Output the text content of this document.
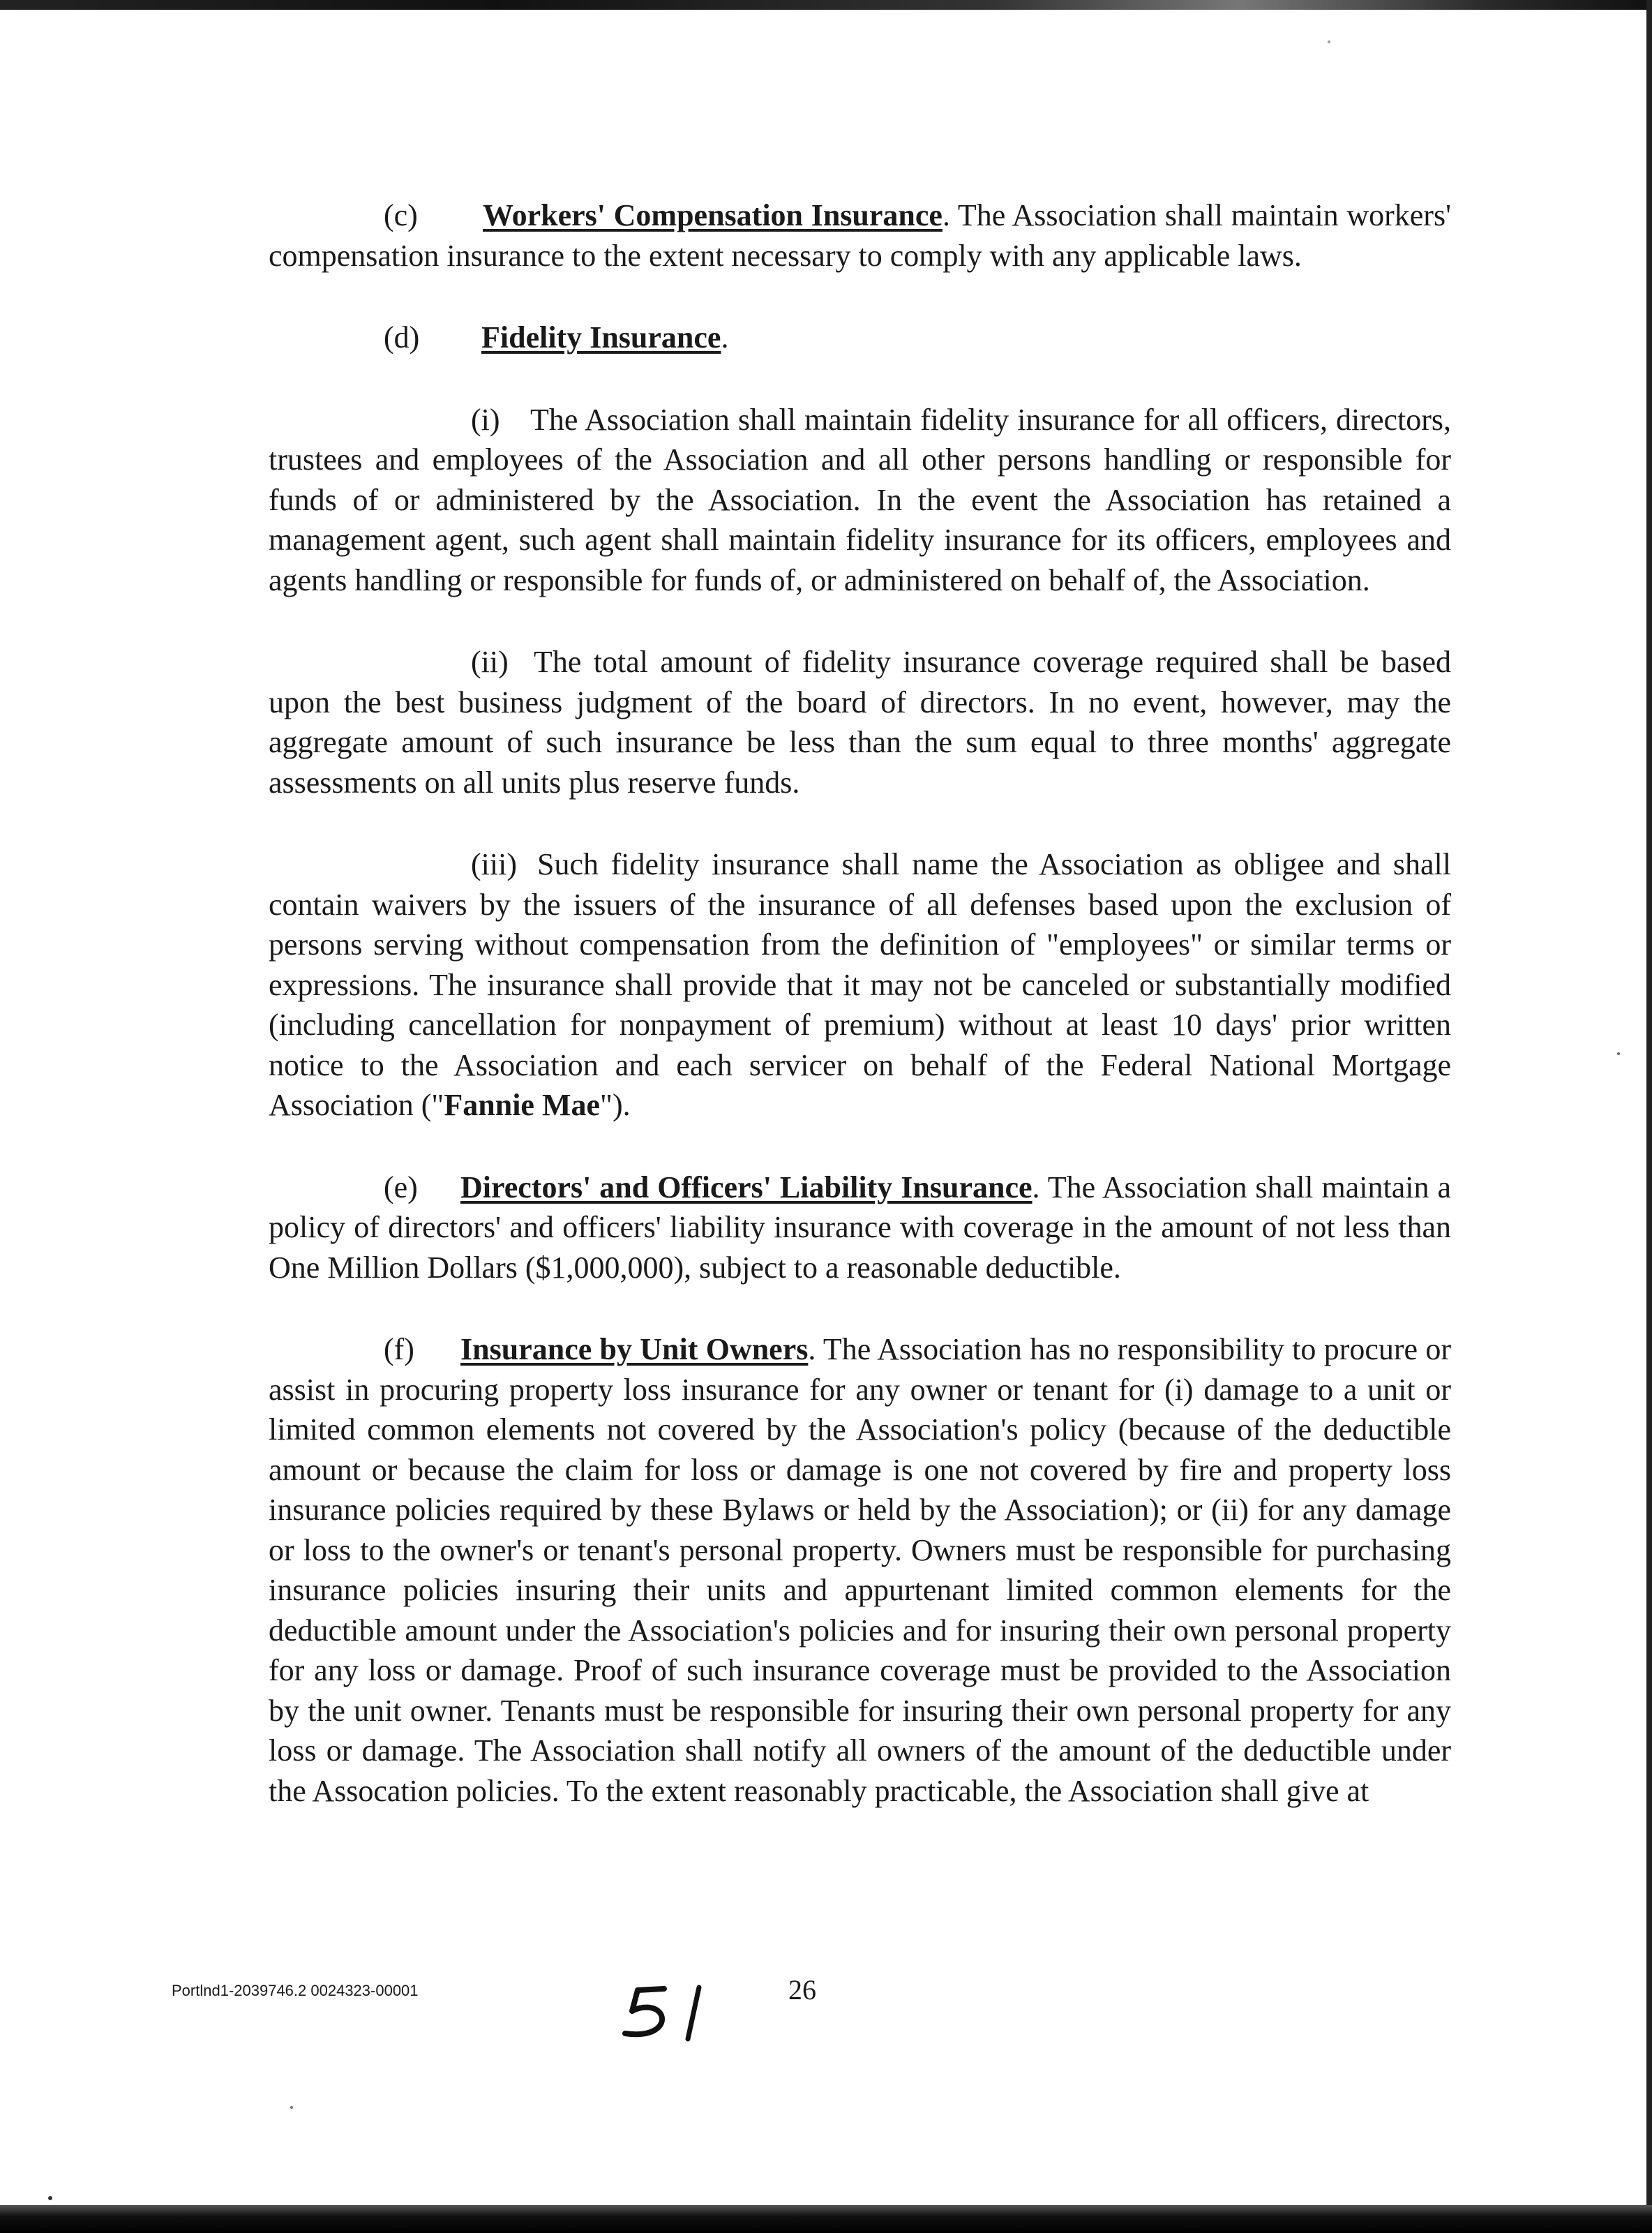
(c) Workers' Compensation Insurance. The Association shall maintain workers' compensation insurance to the extent necessary to comply with any applicable laws.

(d) Fidelity Insurance.

(i) The Association shall maintain fidelity insurance for all officers, directors, trustees and employees of the Association and all other persons handling or responsible for funds of or administered by the Association. In the event the Association has retained a management agent, such agent shall maintain fidelity insurance for its officers, employees and agents handling or responsible for funds of, or administered on behalf of, the Association.

(ii) The total amount of fidelity insurance coverage required shall be based upon the best business judgment of the board of directors. In no event, however, may the aggregate amount of such insurance be less than the sum equal to three months' aggregate assessments on all units plus reserve funds.

(iii) Such fidelity insurance shall name the Association as obligee and shall contain waivers by the issuers of the insurance of all defenses based upon the exclusion of persons serving without compensation from the definition of "employees" or similar terms or expressions. The insurance shall provide that it may not be canceled or substantially modified (including cancellation for nonpayment of premium) without at least 10 days' prior written notice to the Association and each servicer on behalf of the Federal National Mortgage Association ("Fannie Mae").

(e) Directors' and Officers' Liability Insurance. The Association shall maintain a policy of directors' and officers' liability insurance with coverage in the amount of not less than One Million Dollars ($1,000,000), subject to a reasonable deductible.

(f) Insurance by Unit Owners. The Association has no responsibility to procure or assist in procuring property loss insurance for any owner or tenant for (i) damage to a unit or limited common elements not covered by the Association's policy (because of the deductible amount or because the claim for loss or damage is one not covered by fire and property loss insurance policies required by these Bylaws or held by the Association); or (ii) for any damage or loss to the owner's or tenant's personal property. Owners must be responsible for purchasing insurance policies insuring their units and appurtenant limited common elements for the deductible amount under the Association's policies and for insuring their own personal property for any loss or damage. Proof of such insurance coverage must be provided to the Association by the unit owner. Tenants must be responsible for insuring their own personal property for any loss or damage. The Association shall notify all owners of the amount of the deductible under the Assocation policies. To the extent reasonably practicable, the Association shall give at

Portlnd1-2039746.2 0024323-00001	26
